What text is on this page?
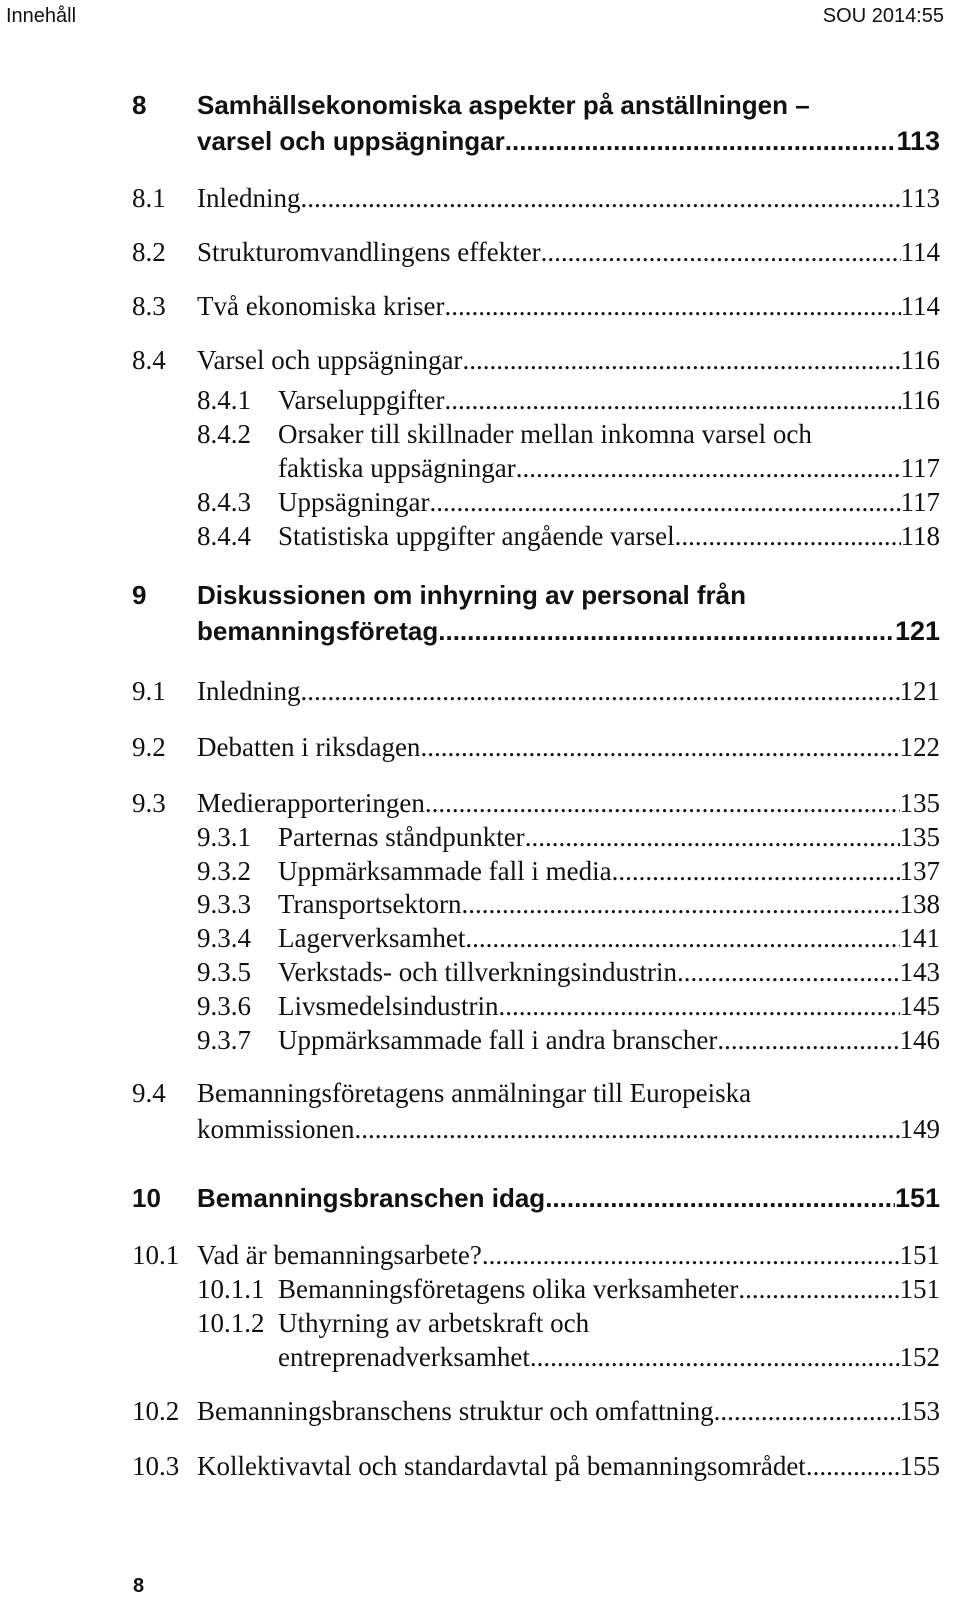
Innehåll	SOU 2014:55
8 Samhällsekonomiska aspekter på anställningen –
varsel och uppsägningar .....	113
8.1 Inledning .....	113
8.2 Strukturomvandlingens effekter .....	114
8.3 Två ekonomiska kriser .....	114
8.4 Varsel och uppsägningar .....	116
8.4.1 Varseluppgifter .....	116
8.4.2 Orsaker till skillnader mellan inkomna varsel och
faktiska uppsägningar .....	117
8.4.3 Uppsägningar .....	117
8.4.4 Statistiska uppgifter angående varsel .....	118
9 Diskussionen om inhyrning av personal från
bemanningsföretag .....	121
9.1 Inledning .....	121
9.2 Debatten i riksdagen .....	122
9.3 Medierapporteringen .....	135
9.3.1 Parternas ståndpunkter .....	135
9.3.2 Uppmärksammade fall i media .....	137
9.3.3 Transportsektorn .....	138
9.3.4 Lagerverksamhet .....	141
9.3.5 Verkstads- och tillverkningsindustrin .....	143
9.3.6 Livsmedelsindustrin .....	145
9.3.7 Uppmärksammade fall i andra branscher .....	146
9.4 Bemanningsföretagens anmälningar till Europeiska
kommissionen .....	149
10 Bemanningsbranschen idag .....	151
10.1 Vad är bemanningsarbete? .....	151
10.1.1 Bemanningsföretagens olika verksamheter .....	151
10.1.2 Uthyrning av arbetskraft och
entreprenadverksamhet .....	152
10.2 Bemanningsbranschens struktur och omfattning .....	153
10.3 Kollektivavtal och standardavtal på bemanningsområdet .....	155
8
